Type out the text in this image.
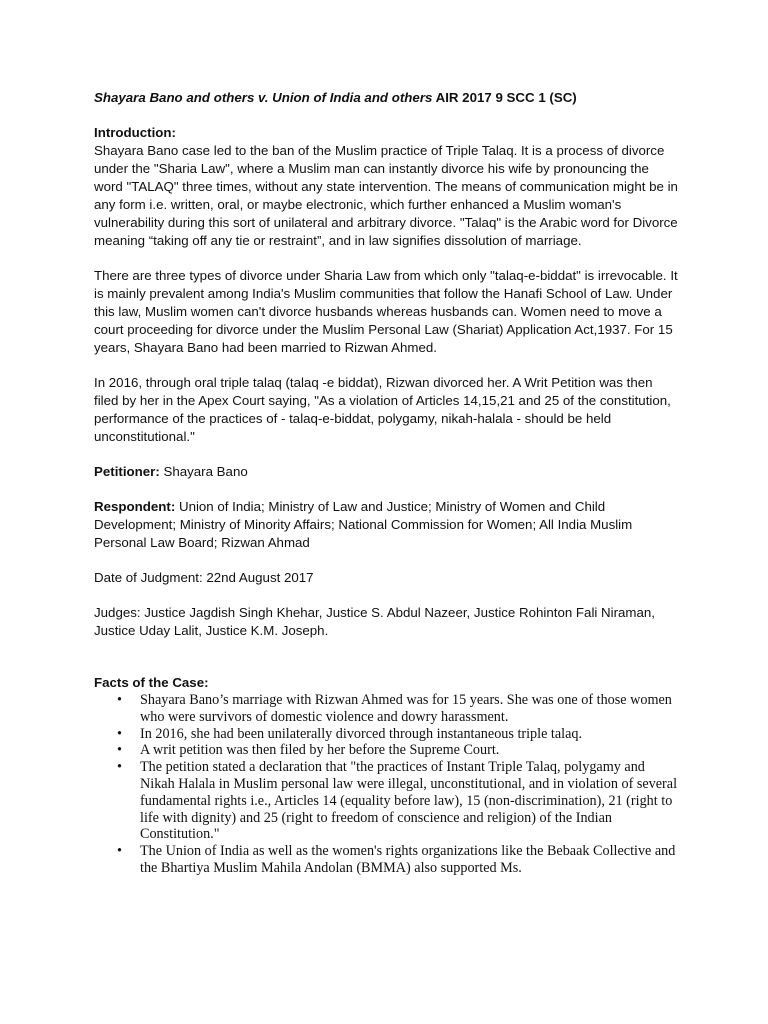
Shayara Bano and others v. Union of India and others AIR 2017 9 SCC 1 (SC)

Introduction:

Shayara Bano case led to the ban of the Muslim practice of Triple Talaq. It is a process of divorce under the "Sharia Law", where a Muslim man can instantly divorce his wife by pronouncing the word "TALAQ" three times, without any state intervention. The means of communication might be in any form i.e. written, oral, or maybe electronic, which further enhanced a Muslim woman's vulnerability during this sort of unilateral and arbitrary divorce. "Talaq" is the Arabic word for Divorce meaning “taking off any tie or restraint”, and in law signifies dissolution of marriage.

There are three types of divorce under Sharia Law from which only "talaq-e-biddat" is irrevocable. It is mainly prevalent among India's Muslim communities that follow the Hanafi School of Law. Under this law, Muslim women can't divorce husbands whereas husbands can. Women need to move a court proceeding for divorce under the Muslim Personal Law (Shariat) Application Act,1937. For 15 years, Shayara Bano had been married to Rizwan Ahmed.

In 2016, through oral triple talaq (talaq -e biddat), Rizwan divorced her. A Writ Petition was then filed by her in the Apex Court saying, "As a violation of Articles 14,15,21 and 25 of the constitution, performance of the practices of - talaq-e-biddat, polygamy, nikah-halala - should be held unconstitutional."

Petitioner: Shayara Bano

Respondent: Union of India; Ministry of Law and Justice; Ministry of Women and Child Development; Ministry of Minority Affairs; National Commission for Women; All India Muslim Personal Law Board; Rizwan Ahmad

Date of Judgment: 22nd August 2017

Judges: Justice Jagdish Singh Khehar, Justice S. Abdul Nazeer, Justice Rohinton Fali Niraman, Justice Uday Lalit, Justice K.M. Joseph.

Facts of the Case:
• Shayara Bano’s marriage with Rizwan Ahmed was for 15 years. She was one of those women who were survivors of domestic violence and dowry harassment.
• In 2016, she had been unilaterally divorced through instantaneous triple talaq.
• A writ petition was then filed by her before the Supreme Court.
• The petition stated a declaration that "the practices of Instant Triple Talaq, polygamy and Nikah Halala in Muslim personal law were illegal, unconstitutional, and in violation of several fundamental rights i.e., Articles 14 (equality before law), 15 (non-discrimination), 21 (right to life with dignity) and 25 (right to freedom of conscience and religion) of the Indian Constitution."
• The Union of India as well as the women's rights organizations like the Bebaak Collective and the Bhartiya Muslim Mahila Andolan (BMMA) also supported Ms.
